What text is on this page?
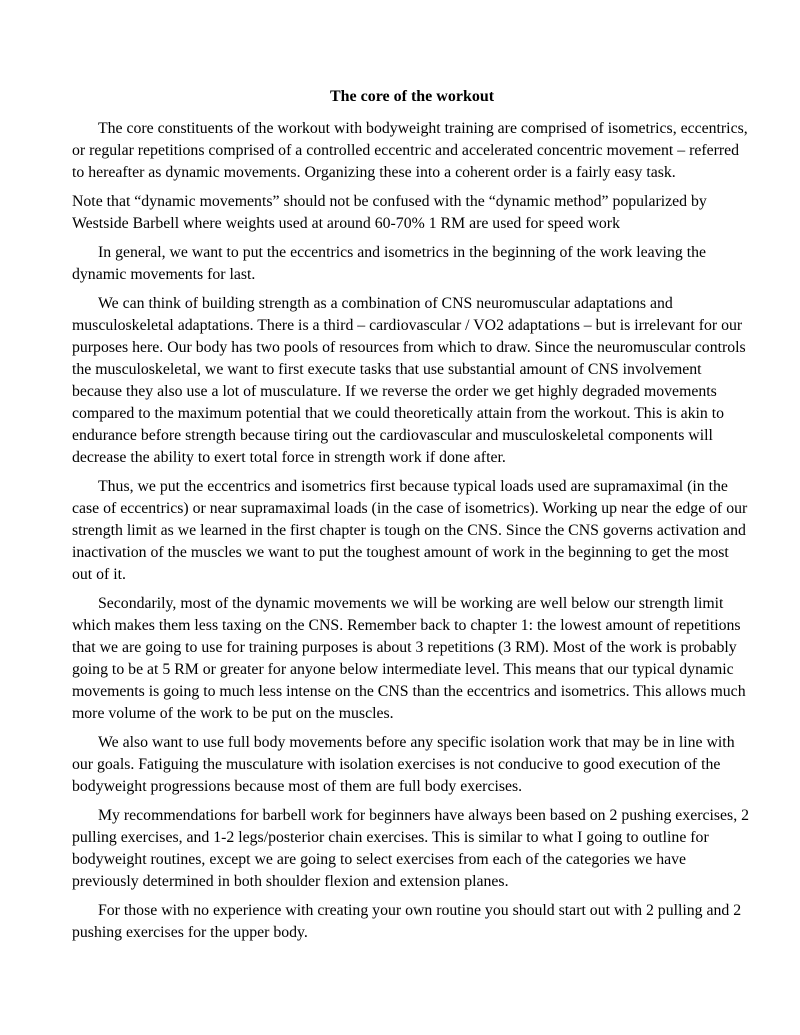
The core of the workout

The core constituents of the workout with bodyweight training are comprised of isometrics, eccentrics, or regular repetitions comprised of a controlled eccentric and accelerated concentric movement – referred to hereafter as dynamic movements. Organizing these into a coherent order is a fairly easy task.

Note that “dynamic movements” should not be confused with the “dynamic method” popularized by Westside Barbell where weights used at around 60-70% 1 RM are used for speed work

In general, we want to put the eccentrics and isometrics in the beginning of the work leaving the dynamic movements for last.

We can think of building strength as a combination of CNS neuromuscular adaptations and musculoskeletal adaptations. There is a third – cardiovascular / VO2 adaptations – but is irrelevant for our purposes here. Our body has two pools of resources from which to draw. Since the neuromuscular controls the musculoskeletal, we want to first execute tasks that use substantial amount of CNS involvement because they also use a lot of musculature. If we reverse the order we get highly degraded movements compared to the maximum potential that we could theoretically attain from the workout. This is akin to endurance before strength because tiring out the cardiovascular and musculoskeletal components will decrease the ability to exert total force in strength work if done after.

Thus, we put the eccentrics and isometrics first because typical loads used are supramaximal (in the case of eccentrics) or near supramaximal loads (in the case of isometrics). Working up near the edge of our strength limit as we learned in the first chapter is tough on the CNS. Since the CNS governs activation and inactivation of the muscles we want to put the toughest amount of work in the beginning to get the most out of it.

Secondarily, most of the dynamic movements we will be working are well below our strength limit which makes them less taxing on the CNS. Remember back to chapter 1: the lowest amount of repetitions that we are going to use for training purposes is about 3 repetitions (3 RM). Most of the work is probably going to be at 5 RM or greater for anyone below intermediate level. This means that our typical dynamic movements is going to much less intense on the CNS than the eccentrics and isometrics. This allows much more volume of the work to be put on the muscles.

We also want to use full body movements before any specific isolation work that may be in line with our goals. Fatiguing the musculature with isolation exercises is not conducive to good execution of the bodyweight progressions because most of them are full body exercises.

My recommendations for barbell work for beginners have always been based on 2 pushing exercises, 2 pulling exercises, and 1-2 legs/posterior chain exercises. This is similar to what I going to outline for bodyweight routines, except we are going to select exercises from each of the categories we have previously determined in both shoulder flexion and extension planes.

For those with no experience with creating your own routine you should start out with 2 pulling and 2 pushing exercises for the upper body.
